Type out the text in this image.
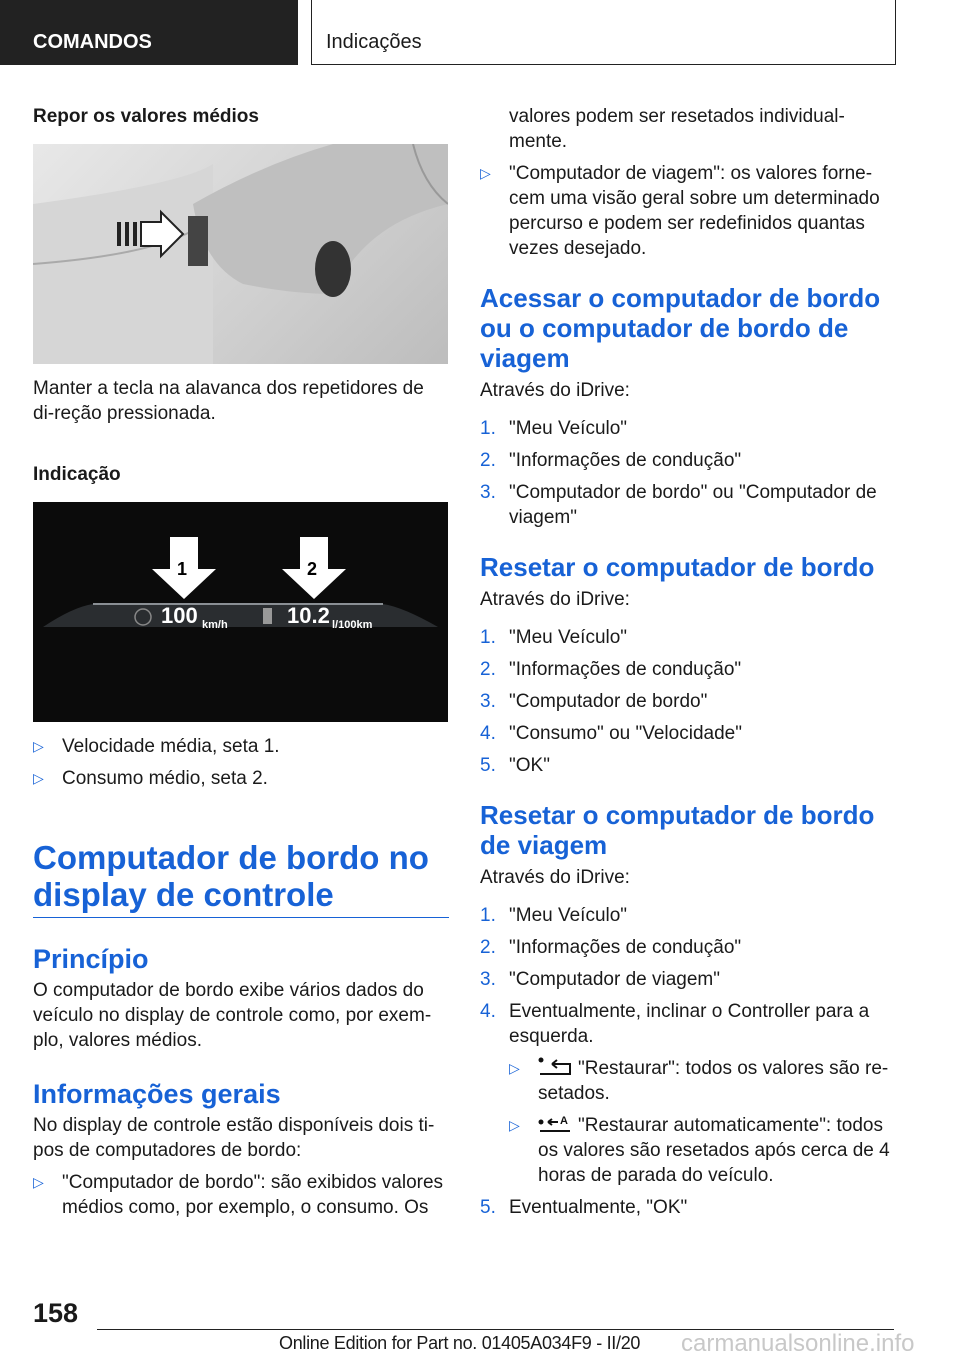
COMANDOS	Indicações

Repor os valores médios

Manter a tecla na alavanca dos repetidores de di-reção pressionada.

Indicação

1	2
100 km/h	10.2 l/100km
▷ Velocidade média, seta 1.
▷ Consumo médio, seta 2.

Computador de bordo no display de controle

Princípio

O computador de bordo exibe vários dados do veículo no display de controle como, por exem-plo, valores médios.

Informações gerais

No display de controle estão disponíveis dois ti-pos de computadores de bordo:

▷ "Computador de bordo": são exibidos valores médios como, por exemplo, o consumo. Os

valores podem ser resetados individual-mente.

▷ "Computador de viagem": os valores forne-cem uma visão geral sobre um determinado percurso e podem ser redefinidos quantas vezes desejado.

Acessar o computador de bordo ou o computador de bordo de viagem

Através do iDrive:

1. "Meu Veículo"
2. "Informações de condução"
3. "Computador de bordo" ou "Computador de viagem"

Resetar o computador de bordo

Através do iDrive:

1. "Meu Veículo"
2. "Informações de condução"
3. "Computador de bordo"
4. "Consumo" ou "Velocidade"
5. "OK"

Resetar o computador de bordo de viagem

Através do iDrive:

1. "Meu Veículo"
2. "Informações de condução"
3. "Computador de viagem"
4. Eventualmente, inclinar o Controller para a esquerda.
▷	"Restaurar": todos os valores são re-setados.
▷	A "Restaurar automaticamente": todos os valores são resetados após cerca de 4 horas de parada do veículo.
5. Eventualmente, "OK"
158
Online Edition for Part no. 01405A034F9 - II/20 carmanualsonline.info
